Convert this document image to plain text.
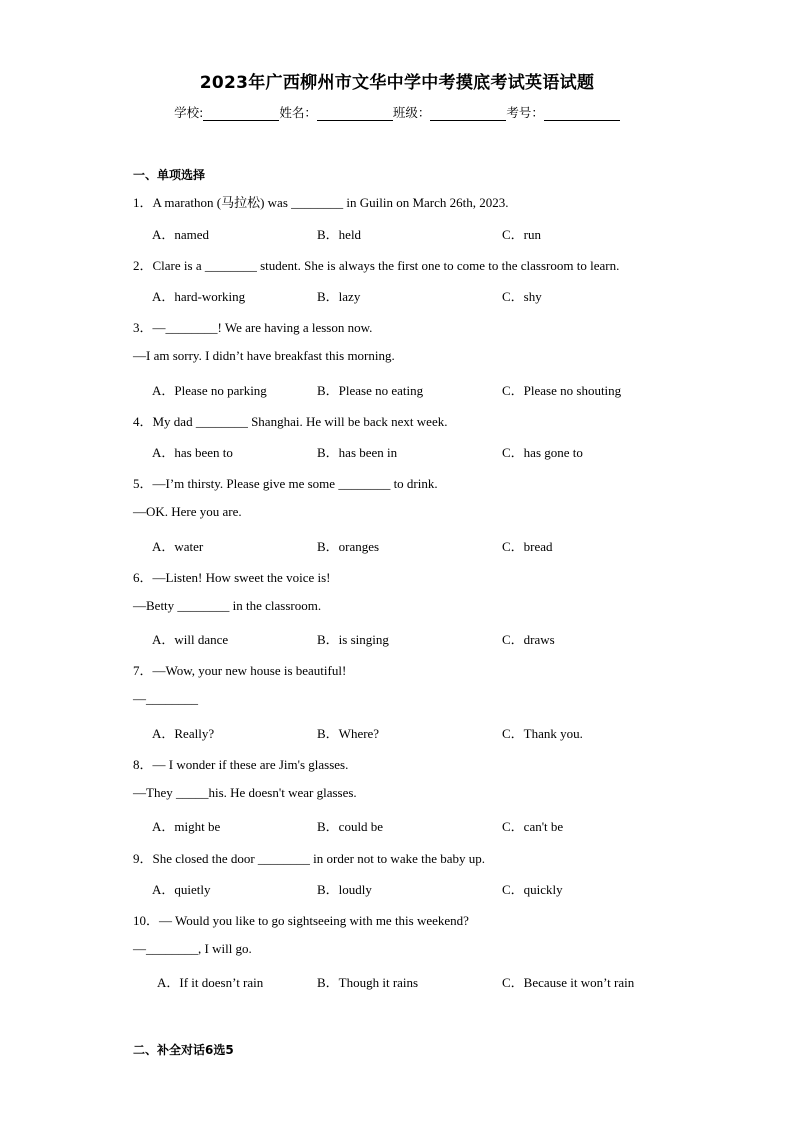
2023年广西柳州市文华中学中考摸底考试英语试题
学校:	姓名：	班级：	考号：
一、单项选择
1．A marathon (马拉松) was ________ in Guilin on March 26th, 2023.
A．named	B．held	C．run
2．Clare is a ________ student. She is always the first one to come to the classroom to learn.
A．hard-working	B．lazy	C．shy
3．—________! We are having a lesson now.
—I am sorry. I didn’t have breakfast this morning.
A．Please no parking	B．Please no eating	C．Please no shouting
4．My dad ________ Shanghai. He will be back next week.
A．has been to	B．has been in	C．has gone to
5．—I’m thirsty. Please give me some ________ to drink.
—OK. Here you are.
A．water	B．oranges	C．bread
6．—Listen! How sweet the voice is!
—Betty ________ in the classroom.
A．will dance	B．is singing	C．draws
7．—Wow, your new house is beautiful!
—________
A．Really?	B．Where?	C．Thank you.
8．— I wonder if these are Jim's glasses.
—They _____his. He doesn't wear glasses.
A．might be	B．could be	C．can't be
9．She closed the door ________ in order not to wake the baby up.
A．quietly	B．loudly	C．quickly
10．— Would you like to go sightseeing with me this weekend?
—________, I will go.
A．If it doesn’t rain	B．Though it rains	C．Because it won’t rain
二、补全对话6选5
